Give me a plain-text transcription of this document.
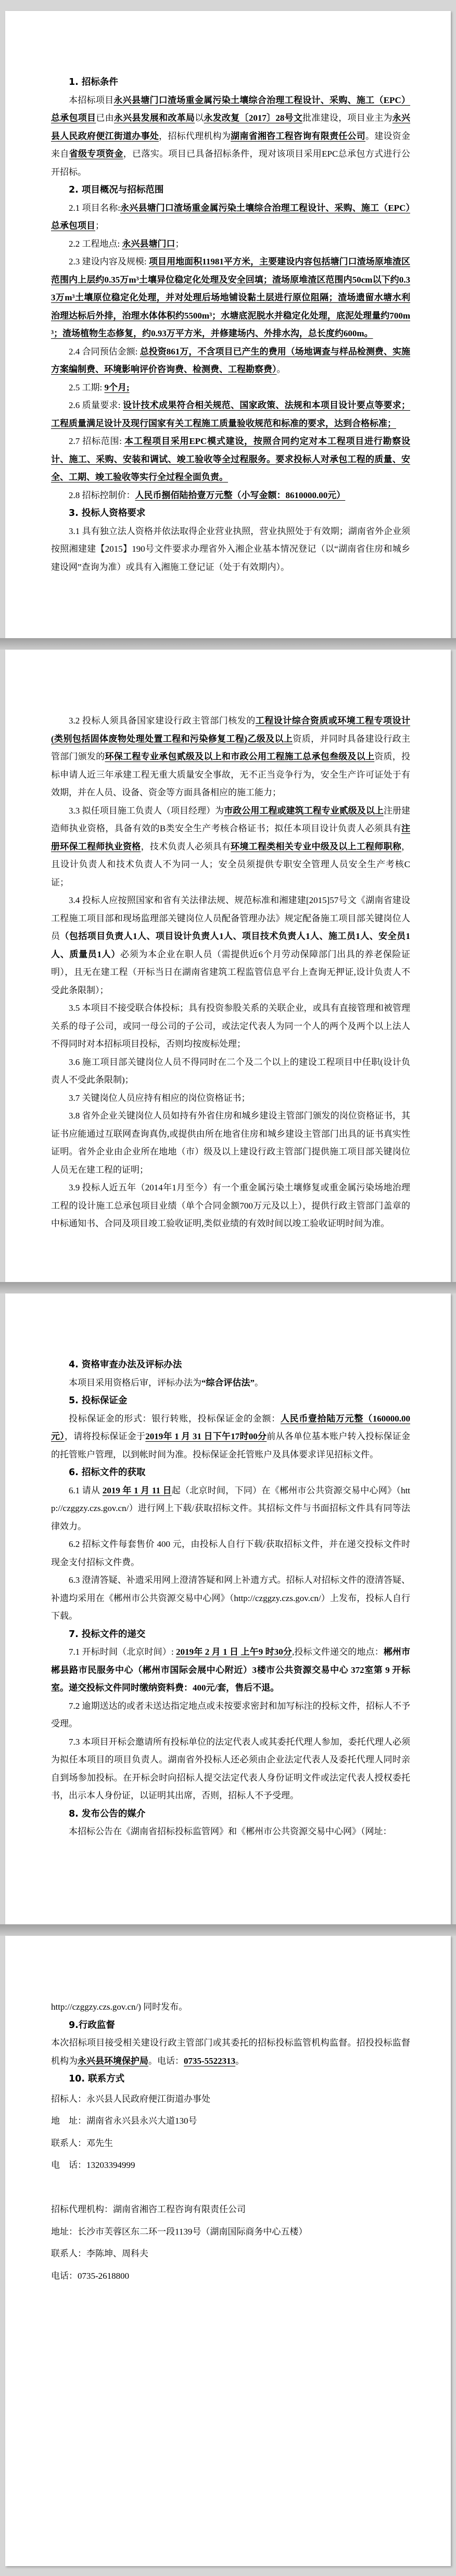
1. 招标条件
本招标项目永兴县塘门口渣场重金属污染土壤综合治理工程设计、采购、施工（EPC）总承包项目已由永兴县发展和改革局以永发改复〔2017〕28号文批准建设，项目业主为永兴县人民政府便江街道办事处，招标代理机构为湖南省湘咨工程咨询有限责任公司。建设资金来自省级专项资金，已落实。项目已具备招标条件，现对该项目采用EPC总承包方式进行公开招标。
2. 项目概况与招标范围
2.1 项目名称:永兴县塘门口渣场重金属污染土壤综合治理工程设计、采购、施工（EPC）总承包项目；
2.2 工程地点: 永兴县塘门口；
2.3 建设内容及规模: 项目用地面积11981平方米，主要建设内容包括塘门口渣场原堆渣区范围内上层约0.35万m³土壤异位稳定化处理及安全回填；渣场原堆渣区范围内50cm以下约0.33万m³土壤原位稳定化处理，并对处理后场地铺设黏土层进行原位阻隔；渣场遗留水塘水利治理达标后外排，治理水体体积约5500m³；水塘底泥脱水并稳定化处理，底泥处理量约700m³；渣场植物生态修复，约0.93万平方米，并修建场内、外排水沟，总长度约600m。
2.4 合同预估金额: 总投资861万，不含项目已产生的费用（场地调查与样品检测费、实施方案编制费、环境影响评价咨询费、检测费、工程勘察费）。
2.5 工期: 9个月;
2.6 质量要求: 设计技术成果符合相关规范、国家政策、法规和本项目设计要点等要求；工程质量满足设计及现行国家有关工程施工质量验收规范和标准的要求，达到合格标准；
2.7 招标范围: 本工程项目采用EPC模式建设，按照合同约定对本工程项目进行勘察设计、施工、采购、安装和调试、竣工验收等全过程服务。要求投标人对承包工程的质量、安全、工期、竣工验收等实行全过程全面负责。
2.8 招标控制价：人民币捌佰陆拾壹万元整（小写金额：8610000.00元）
3. 投标人资格要求
3.1 具有独立法人资格并依法取得企业营业执照，营业执照处于有效期；湖南省外企业须按照湘建建【2015】190号文件要求办理省外入湘企业基本情况登记（以“湖南省住房和城乡建设网”查询为准）或具有入湘施工登记证（处于有效期内）。
3.2 投标人须具备国家建设行政主管部门核发的工程设计综合资质或环境工程专项设计(类别包括固体废物处理处置工程和污染修复工程)乙级及以上资质，并同时具备建设行政主管部门颁发的环保工程专业承包贰级及以上和市政公用工程施工总承包叁级及以上资质，投标申请人近三年承建工程无重大质量安全事故，无不正当竞争行为，安全生产许可证处于有效期，并在人员、设备、资金等方面具备相应的施工能力；
3.3 拟任项目施工负责人（项目经理）为市政公用工程或建筑工程专业贰级及以上注册建造师执业资格，具备有效的B类安全生产考核合格证书；拟任本项目设计负责人必须具有注册环保工程师执业资格，技术负责人必须具有环境工程类相关专业中级及以上工程师职称，且设计负责人和技术负责人不为同一人；安全员须提供专职安全管理人员安全生产考核C证；
3.4 投标人应按照国家和省有关法律法规、规范标准和湘建建[2015]57号文《湖南省建设工程施工项目部和现场监理部关键岗位人员配备管理办法》规定配备施工项目部关键岗位人员（包括项目负责人1人、项目设计负责人1人、项目技术负责人1人、施工员1人、安全员1人、质量员1人）必须为本企业在职人员（需提供近6个月劳动保障部门出具的养老保险证明），且无在建工程（开标当日在湖南省建筑工程监管信息平台上查询无押证,设计负责人不受此条限制）；
3.5 本项目不接受联合体投标；具有投资参股关系的关联企业，或具有直接管理和被管理关系的母子公司，或同一母公司的子公司，或法定代表人为同一个人的两个及两个以上法人不得同时对本招标项目投标，否则均按废标处理；
3.6 施工项目部关键岗位人员不得同时在二个及二个以上的建设工程项目中任职(设计负责人不受此条限制)；
3.7 关键岗位人员应持有相应的岗位资格证书；
3.8 省外企业关键岗位人员如持有外省住房和城乡建设主管部门颁发的岗位资格证书，其证书应能通过互联网查询真伪,或提供由所在地省住房和城乡建设主管部门出具的证书真实性证明。省外企业由企业所在地地（市）级及以上建设行政主管部门提供施工项目部关键岗位人员无在建工程的证明；
3.9 投标人近五年（2014年1月至今）有一个重金属污染土壤修复或重金属污染场地治理工程的设计施工总承包项目业绩（单个合同金额700万元及以上），提供行政主管部门盖章的中标通知书、合同及项目竣工验收证明,类似业绩的有效时间以竣工验收证明时间为准。
4. 资格审查办法及评标办法
本项目采用资格后审，评标办法为“综合评估法”。
5. 投标保证金
投标保证金的形式：银行转账，投标保证金的金额：人民币壹拾陆万元整（160000.00元），请将投标保证金于2019年 1 月 31 日下午17时00分前从各单位基本账户转入投标保证金的托管账户管理，以到帐时间为准。投标保证金托管账户及具体要求详见招标文件。
6. 招标文件的获取
6.1 请从 2019 年 1 月 11 日起（北京时间，下同）在《郴州市公共资源交易中心网》（http://czggzy.czs.gov.cn/）进行网上下载/获取招标文件。其招标文件与书面招标文件具有同等法律效力。
6.2 招标文件每套售价 400 元，由投标人自行下载/获取招标文件，并在递交投标文件时现金支付招标文件费。
6.3 澄清答疑、补遗采用网上澄清答疑和网上补遗方式。招标人对招标文件的澄清答疑、补遗均采用在《郴州市公共资源交易中心网》（http://czggzy.czs.gov.cn/）上发布，投标人自行下载。
7. 投标文件的递交
7.1 开标时间（北京时间）: 2019年 2 月 1 日 上午9 时30分,投标文件递交的地点：郴州市郴县路市民服务中心（郴州市国际会展中心附近）3楼市公共资源交易中心 372室第 9 开标室。递交投标文件同时缴纳资料费：400元/套，售后不退。
7.2 逾期送达的或者未送达指定地点或未按要求密封和加写标注的投标文件，招标人不予受理。
7.3 本项目开标会邀请所有投标单位的法定代表人或其委托代理人参加，委托代理人必须为拟任本项目的项目负责人。湖南省外投标人还必须由企业法定代表人及委托代理人同时亲自到场参加投标。在开标会时向招标人提交法定代表人身份证明文件或法定代表人授权委托书，出示本人身份证，以证明其出席，否则，招标人不予受理。
8. 发布公告的媒介
本招标公告在《湖南省招标投标监管网》和《郴州市公共资源交易中心网》（网址：
http://czggzy.czs.gov.cn/) 同时发布。
9.行政监督
本次招标项目接受相关建设行政主管部门或其委托的招标投标监管机构监督。招投投标监督机构为永兴县环境保护局。电话：0735-5522313。
10. 联系方式
招标人：永兴县人民政府便江街道办事处
地　址：湖南省永兴县永兴大道130号
联系人：邓先生
电　话：13203394999

招标代理机构：湖南省湘咨工程咨询有限责任公司
地址：长沙市芙蓉区东二环一段1139号（湖南国际商务中心五楼）
联系人：李陈坤、周科夫
电话：0735-2618800
